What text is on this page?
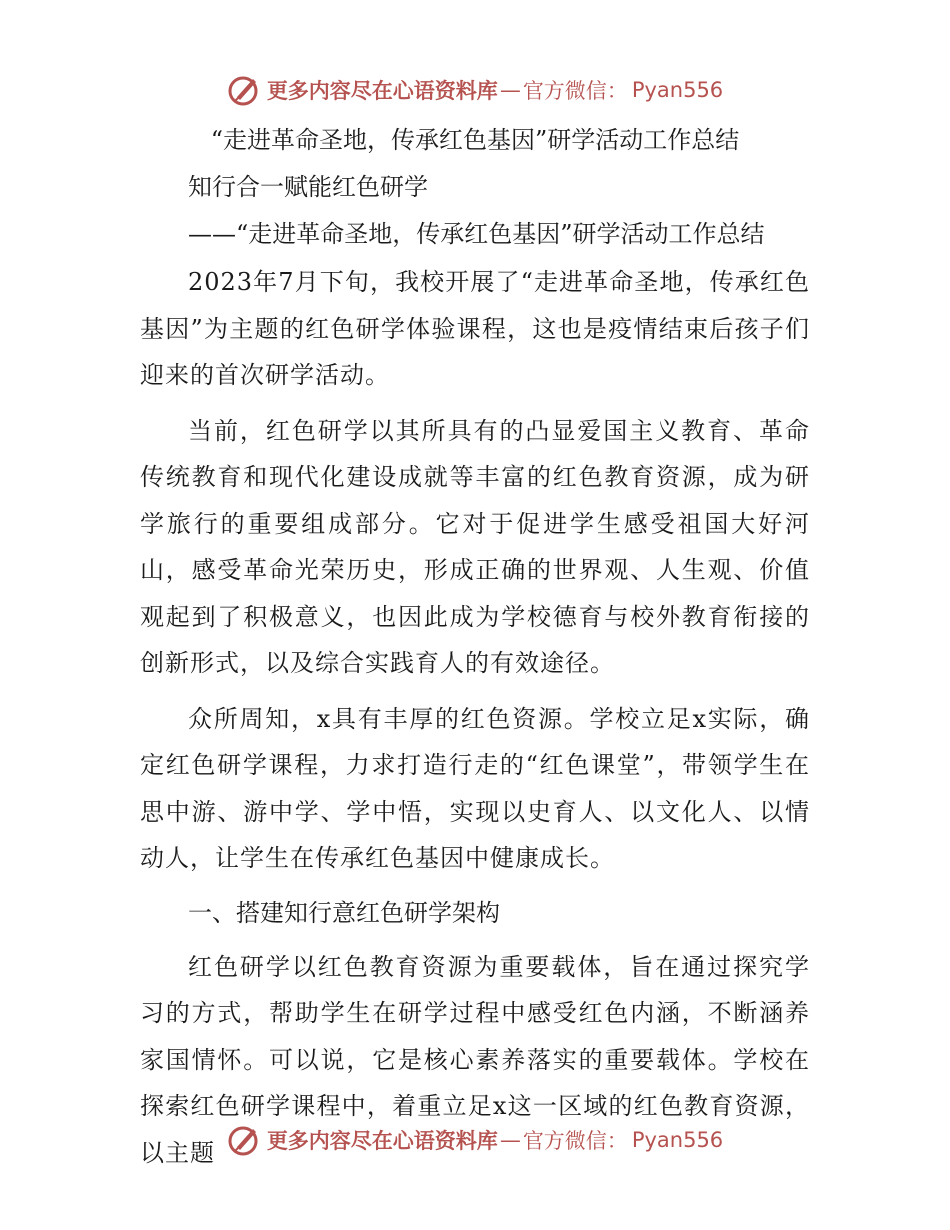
更多内容尽在心语资料库 — 官方微信： Pyan556

“走进革命圣地，传承红色基因”研学活动工作总结

知行合一赋能红色研学

——“走进革命圣地，传承红色基因”研学活动工作总结

2023年7月下旬，我校开展了“走进革命圣地，传承红色基因”为主题的红色研学体验课程，这也是疫情结束后孩子们迎来的首次研学活动。

当前，红色研学以其所具有的凸显爱国主义教育、革命传统教育和现代化建设成就等丰富的红色教育资源，成为研学旅行的重要组成部分。它对于促进学生感受祖国大好河山，感受革命光荣历史，形成正确的世界观、人生观、价值观起到了积极意义，也因此成为学校德育与校外教育衔接的创新形式，以及综合实践育人的有效途径。

众所周知，x具有丰厚的红色资源。学校立足x实际，确定红色研学课程，力求打造行走的“红色课堂”，带领学生在思中游、游中学、学中悟，实现以史育人、以文化人、以情动人，让学生在传承红色基因中健康成长。

一、搭建知行意红色研学架构

红色研学以红色教育资源为重要载体，旨在通过探究学习的方式，帮助学生在研学过程中感受红色内涵，不断涵养家国情怀。可以说，它是核心素养落实的重要载体。学校在探索红色研学课程中，着重立足x这一区域的红色教育资源，以主题	更多内容尽在心语资料库 — 官方微信： Pyan556
